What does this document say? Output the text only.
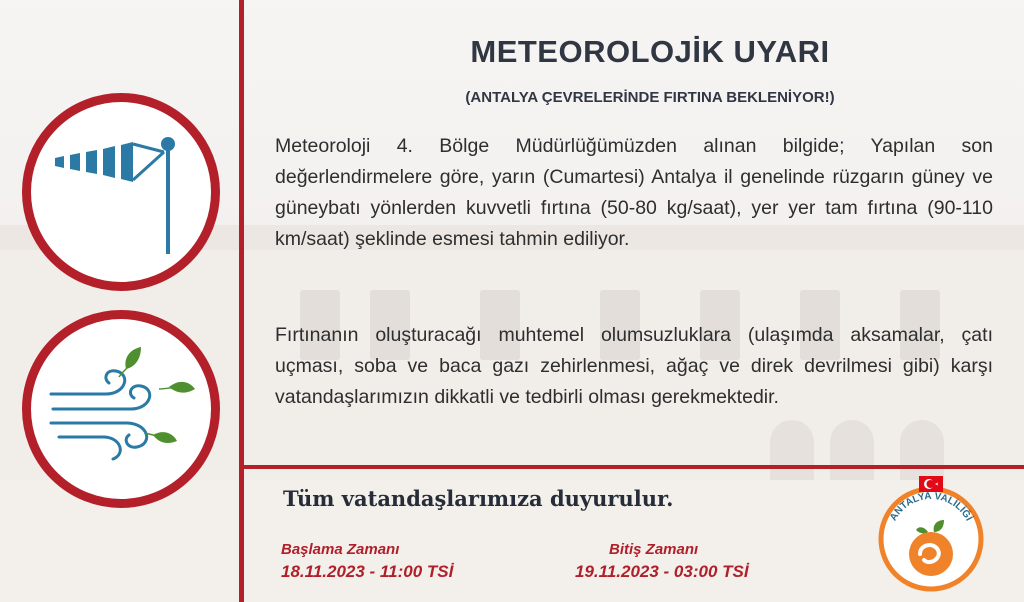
METEOROLOJİK UYARI
(ANTALYA ÇEVRELERİNDE FIRTINA BEKLENİYOR!)
Meteoroloji 4. Bölge Müdürlüğümüzden alınan bilgide; Yapılan son değerlendirmelere göre, yarın (Cumartesi) Antalya il genelinde rüzgarın güney ve güneybatı yönlerden kuvvetli fırtına (50-80 kg/saat), yer yer tam fırtına (90-110 km/saat) şeklinde esmesi tahmin ediliyor.
Fırtınanın oluşturacağı muhtemel olumsuzluklara (ulaşımda aksamalar, çatı uçması, soba ve baca gazı zehirlenmesi, ağaç ve direk devrilmesi gibi) karşı vatandaşlarımızın dikkatli ve tedbirli olması gerekmektedir.
Tüm vatandaşlarımıza duyurulur.
Başlama Zamanı
18.11.2023 - 11:00 TSİ
Bitiş Zamanı
19.11.2023 - 03:00 TSİ
ANTALYA VALİLİĞİ
